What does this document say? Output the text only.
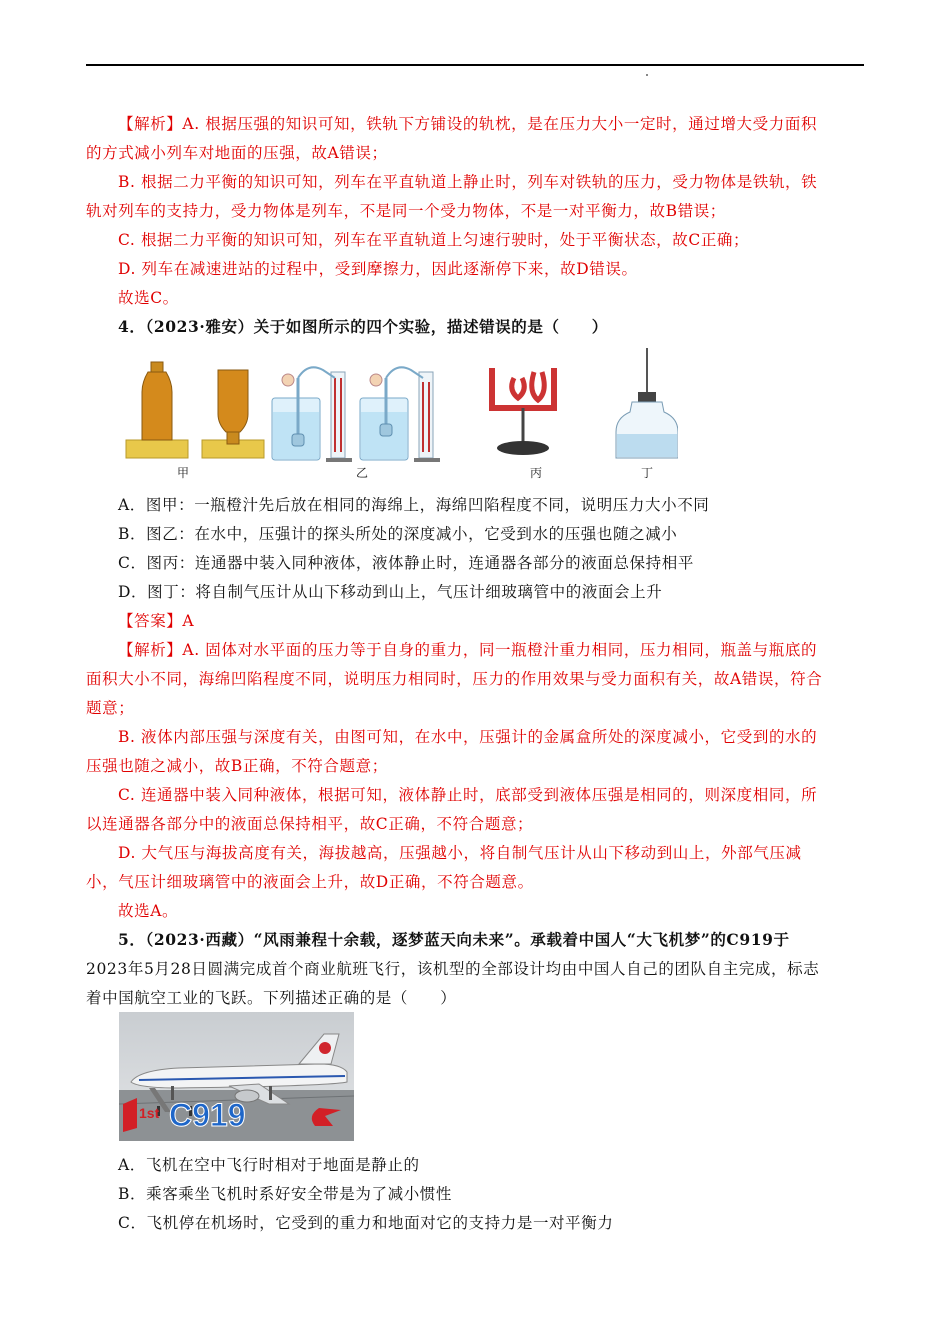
【解析】A. 根据压强的知识可知，铁轨下方铺设的轨枕，是在压力大小一定时，通过增大受力面积
的方式减小列车对地面的压强，故A错误；
B. 根据二力平衡的知识可知，列车在平直轨道上静止时，列车对铁轨的压力，受力物体是铁轨，铁
轨对列车的支持力，受力物体是列车，不是同一个受力物体，不是一对平衡力，故B错误；
C. 根据二力平衡的知识可知，列车在平直轨道上匀速行驶时，处于平衡状态，故C正确；
D. 列车在减速进站的过程中，受到摩擦力，因此逐渐停下来，故D错误。
故选C。
4．（2023·雅安）关于如图所示的四个实验，描述错误的是（　　）
甲	乙	丙	丁
A．图甲：一瓶橙汁先后放在相同的海绵上，海绵凹陷程度不同，说明压力大小不同
B．图乙：在水中，压强计的探头所处的深度减小，它受到水的压强也随之减小
C．图丙：连通器中装入同种液体，液体静止时，连通器各部分的液面总保持相平
D．图丁：将自制气压计从山下移动到山上，气压计细玻璃管中的液面会上升
【答案】A
【解析】A. 固体对水平面的压力等于自身的重力，同一瓶橙汁重力相同，压力相同，瓶盖与瓶底的
面积大小不同，海绵凹陷程度不同，说明压力相同时，压力的作用效果与受力面积有关，故A错误，符合
题意；
B. 液体内部压强与深度有关，由图可知，在水中，压强计的金属盒所处的深度减小，它受到的水的
压强也随之减小，故B正确，不符合题意；
C. 连通器中装入同种液体，根据可知，液体静止时，底部受到液体压强是相同的，则深度相同，所
以连通器各部分中的液面总保持相平，故C正确，不符合题意；
D. 大气压与海拔高度有关，海拔越高，压强越小，将自制气压计从山下移动到山上，外部气压减
小，气压计细玻璃管中的液面会上升，故D正确，不符合题意。
故选A。
5．（2023·西藏）“风雨兼程十余载，逐梦蓝天向未来”。承载着中国人“大飞机梦”的C919于
2023年5月28日圆满完成首个商业航班飞行，该机型的全部设计均由中国人自己的团队自主完成，标志
着中国航空工业的飞跃。下列描述正确的是（　　）
1st C919
A．飞机在空中飞行时相对于地面是静止的
B．乘客乘坐飞机时系好安全带是为了减小惯性
C．飞机停在机场时，它受到的重力和地面对它的支持力是一对平衡力
